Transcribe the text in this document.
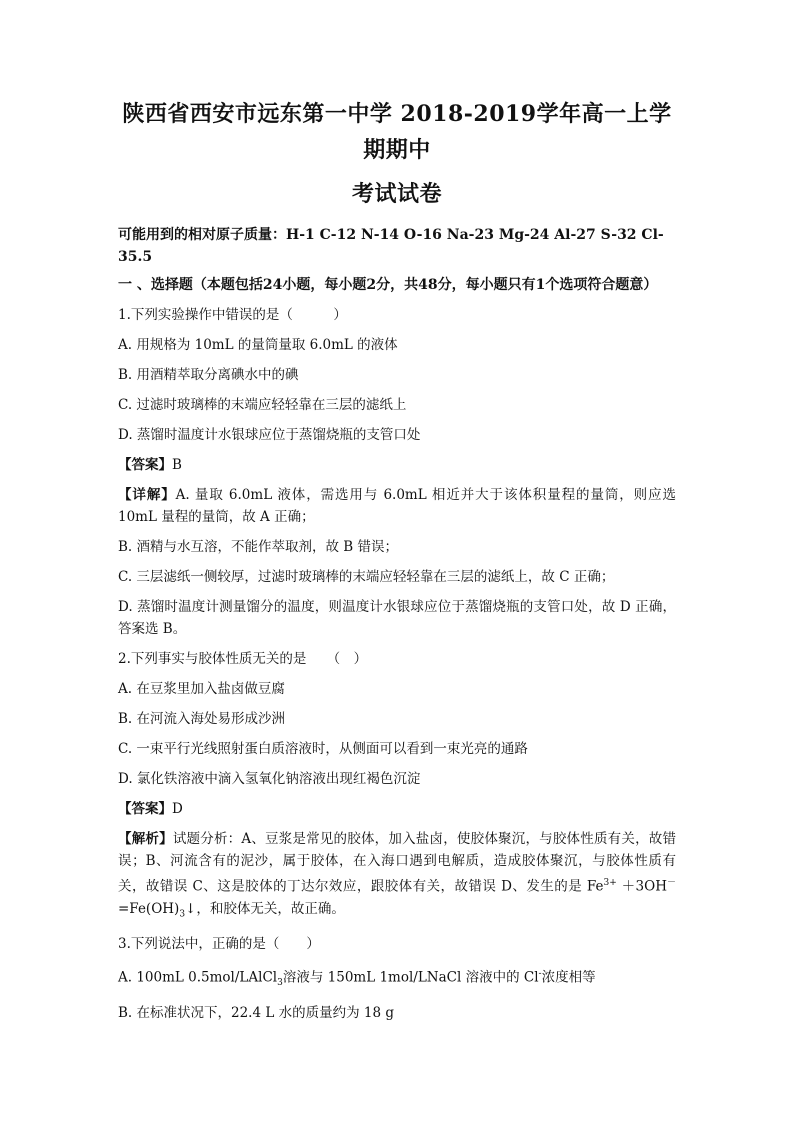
陕西省西安市远东第一中学 2018-2019学年高一上学期期中
考试试卷
可能用到的相对原子质量：H-1 C-12 N-14 O-16 Na-23 Mg-24 Al-27 S-32 Cl-35.5
一 、选择题（本题包括24小题，每小题2分，共48分，每小题只有1个选项符合题意）

1.下列实验操作中错误的是（　　　）

A. 用规格为 10mL 的量筒量取 6.0mL 的液体

B. 用酒精萃取分离碘水中的碘

C. 过滤时玻璃棒的末端应轻轻靠在三层的滤纸上

D. 蒸馏时温度计水银球应位于蒸馏烧瓶的支管口处

【答案】B

【详解】A. 量取 6.0mL 液体，需选用与 6.0mL 相近并大于该体积量程的量筒，则应选 10mL 量程的量筒，故 A 正确；

B. 酒精与水互溶，不能作萃取剂，故 B 错误；

C. 三层滤纸一侧较厚，过滤时玻璃棒的末端应轻轻靠在三层的滤纸上，故 C 正确；

D. 蒸馏时温度计测量馏分的温度，则温度计水银球应位于蒸馏烧瓶的支管口处，故 D 正确，答案选 B。

2.下列事实与胶体性质无关的是　　（　）

A. 在豆浆里加入盐卤做豆腐

B. 在河流入海处易形成沙洲

C. 一束平行光线照射蛋白质溶液时，从侧面可以看到一束光亮的通路

D. 氯化铁溶液中滴入氢氧化钠溶液出现红褐色沉淀

【答案】D

【解析】试题分析：A、豆浆是常见的胶体，加入盐卤，使胶体聚沉，与胶体性质有关，故错误；B、河流含有的泥沙，属于胶体，在入海口遇到电解质，造成胶体聚沉，与胶体性质有关，故错误 C、这是胶体的丁达尔效应，跟胶体有关，故错误 D、发生的是 $Fe^{3+}$ $+3OH^-=Fe(OH)_3↓$，和胶体无关，故正确。

3.下列说法中，正确的是（　　）

A. 100mL 0.5mol/LAlCl$_3$溶液与 150mL 1mol/LNaCl 溶液中的 Cl-浓度相等

B. 在标准状况下，22.4 L 水的质量约为 18 g
